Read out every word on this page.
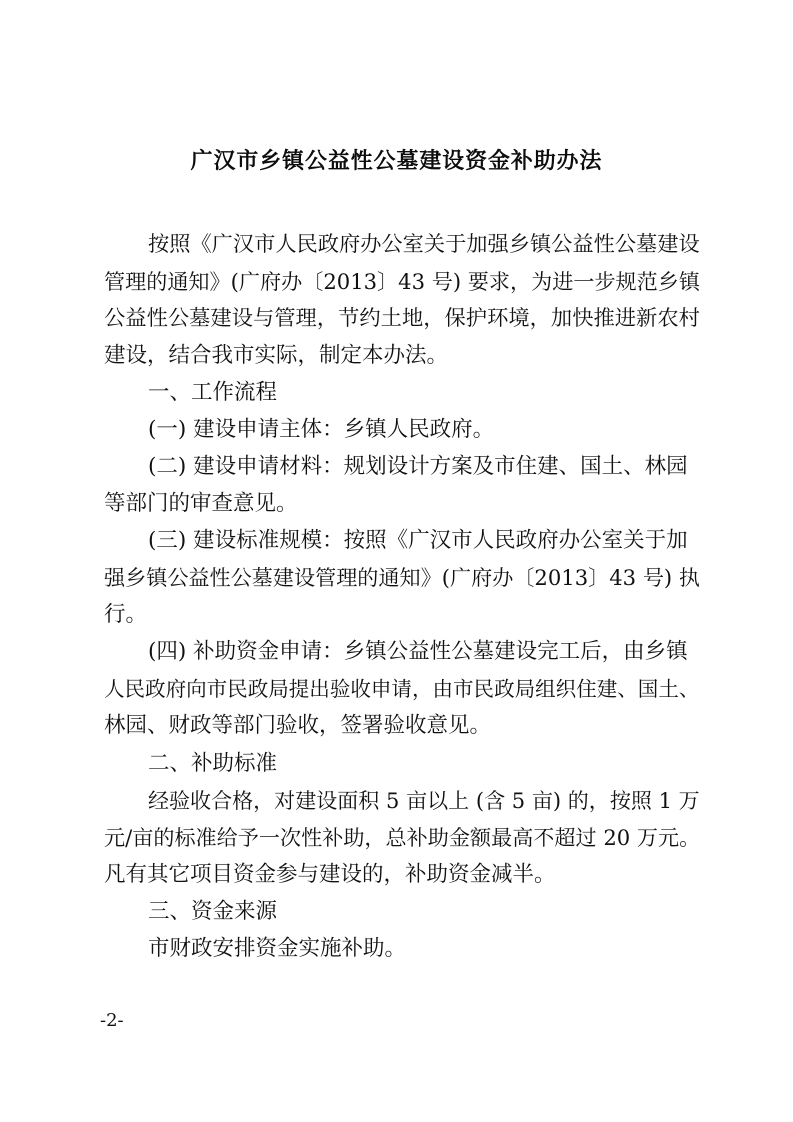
广汉市乡镇公益性公墓建设资金补助办法
按照《广汉市人民政府办公室关于加强乡镇公益性公墓建设
管理的通知》(广府办〔2013〕43 号) 要求，为进一步规范乡镇
公益性公墓建设与管理，节约土地，保护环境，加快推进新农村
建设，结合我市实际，制定本办法。
一、工作流程
(一) 建设申请主体：乡镇人民政府。
(二) 建设申请材料：规划设计方案及市住建、国土、林园
等部门的审查意见。
(三) 建设标准规模：按照《广汉市人民政府办公室关于加
强乡镇公益性公墓建设管理的通知》(广府办〔2013〕43 号) 执
行。
(四) 补助资金申请：乡镇公益性公墓建设完工后，由乡镇
人民政府向市民政局提出验收申请，由市民政局组织住建、国土、
林园、财政等部门验收，签署验收意见。
二、补助标准
经验收合格，对建设面积 5 亩以上 (含 5 亩) 的，按照 1 万
元/亩的标准给予一次性补助，总补助金额最高不超过 20 万元。
凡有其它项目资金参与建设的，补助资金减半。
三、资金来源
市财政安排资金实施补助。
-2-
